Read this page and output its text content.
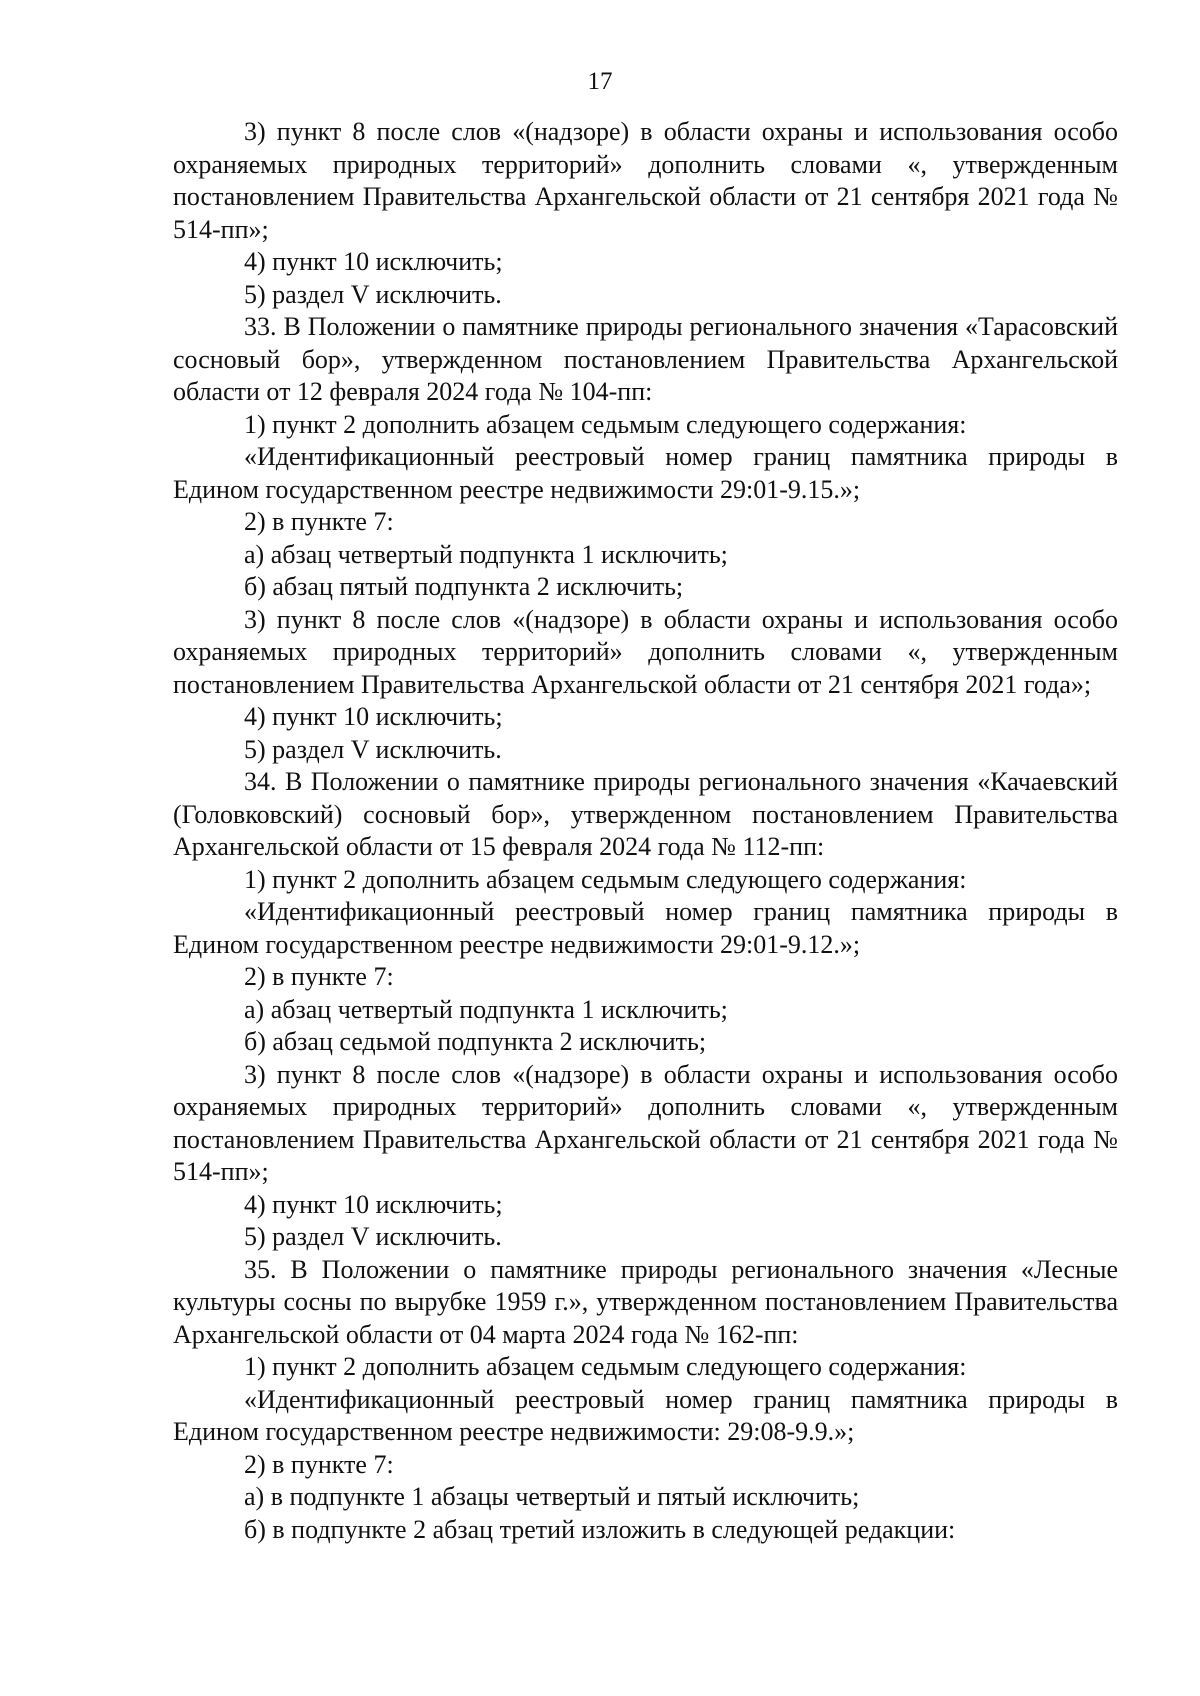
17

3) пункт 8 после слов «(надзоре) в области охраны и использования особо охраняемых природных территорий» дополнить словами «, утвержденным постановлением Правительства Архангельской области от 21 сентября 2021 года № 514-пп»;

4) пункт 10 исключить;

5) раздел V исключить.

33. В Положении о памятнике природы регионального значения «Тарасовский сосновый бор», утвержденном постановлением Правительства Архангельской области от 12 февраля 2024 года № 104-пп:

1) пункт 2 дополнить абзацем седьмым следующего содержания:

«Идентификационный реестровый номер границ памятника природы в Едином государственном реестре недвижимости 29:01-9.15.»;

2) в пункте 7:

а) абзац четвертый подпункта 1 исключить;

б) абзац пятый подпункта 2 исключить;

3) пункт 8 после слов «(надзоре) в области охраны и использования особо охраняемых природных территорий» дополнить словами «, утвержденным постановлением Правительства Архангельской области от 21 сентября 2021 года»;

4) пункт 10 исключить;

5) раздел V исключить.

34. В Положении о памятнике природы регионального значения «Качаевский (Головковский) сосновый бор», утвержденном постановлением Правительства Архангельской области от 15 февраля 2024 года № 112-пп:

1) пункт 2 дополнить абзацем седьмым следующего содержания:

«Идентификационный реестровый номер границ памятника природы в Едином государственном реестре недвижимости 29:01-9.12.»;

2) в пункте 7:

а) абзац четвертый подпункта 1 исключить;

б) абзац седьмой подпункта 2 исключить;

3) пункт 8 после слов «(надзоре) в области охраны и использования особо охраняемых природных территорий» дополнить словами «, утвержденным постановлением Правительства Архангельской области от 21 сентября 2021 года № 514-пп»;

4) пункт 10 исключить;

5) раздел V исключить.

35. В Положении о памятнике природы регионального значения «Лесные культуры сосны по вырубке 1959 г.», утвержденном постановлением Правительства Архангельской области от 04 марта 2024 года № 162-пп:

1) пункт 2 дополнить абзацем седьмым следующего содержания:

«Идентификационный реестровый номер границ памятника природы в Едином государственном реестре недвижимости: 29:08-9.9.»;

2) в пункте 7:

а) в подпункте 1 абзацы четвертый и пятый исключить;

б) в подпункте 2 абзац третий изложить в следующей редакции:
